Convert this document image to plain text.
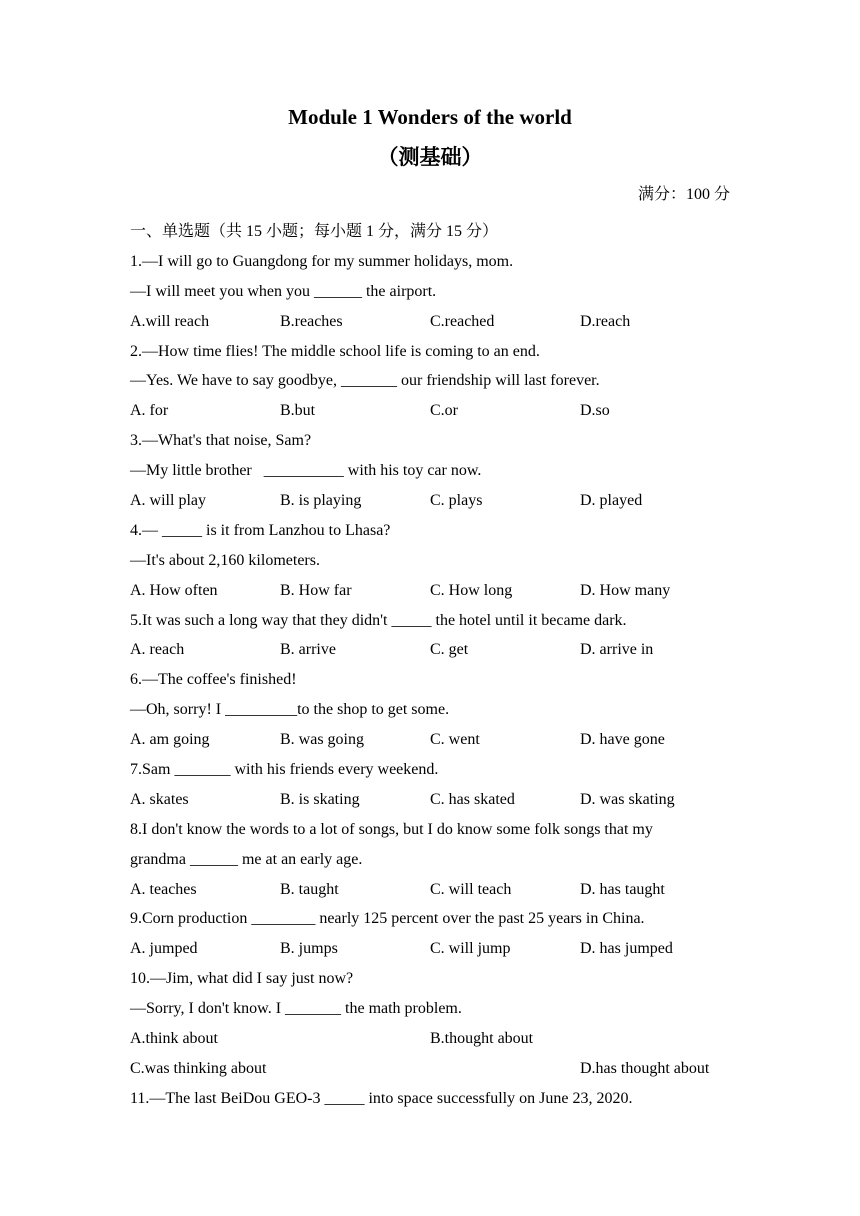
Module 1 Wonders of the world
（测基础）
满分：100 分
一、单选题（共 15 小题；每小题 1 分，满分 15 分）
1.—I will go to Guangdong for my summer holidays, mom.
—I will meet you when you ______ the airport.
A.will reach	B.reaches	C.reached	D.reach
2.—How time flies! The middle school life is coming to an end.
—Yes. We have to say goodbye, _______ our friendship will last forever.
A. for	B.but	C.or	D.so
3.—What's that noise, Sam?
—My little brother   __________ with his toy car now.
A. will play	B. is playing	C. plays	D. played
4.— _____ is it from Lanzhou to Lhasa?
—It's about 2,160 kilometers.
A. How often	B. How far	C. How long	D. How many
5.It was such a long way that they didn't _____ the hotel until it became dark.
A. reach	B. arrive	C. get	D. arrive in
6.—The coffee's finished!
—Oh, sorry! I _________to the shop to get some.
A. am going	B. was going	C. went	D. have gone
7.Sam _______ with his friends every weekend.
A. skates	B. is skating	C. has skated	D. was skating
8.I don't know the words to a lot of songs, but I do know some folk songs that my
grandma ______ me at an early age.
A. teaches	B. taught	C. will teach	D. has taught
9.Corn production ________ nearly 125 percent over the past 25 years in China.
A. jumped	B. jumps	C. will jump	D. has jumped
10.—Jim, what did I say just now?
—Sorry, I don't know. I _______ the math problem.
A.think about	B.thought about
C.was thinking about	D.has thought about
11.—The last BeiDou GEO-3 _____ into space successfully on June 23, 2020.
